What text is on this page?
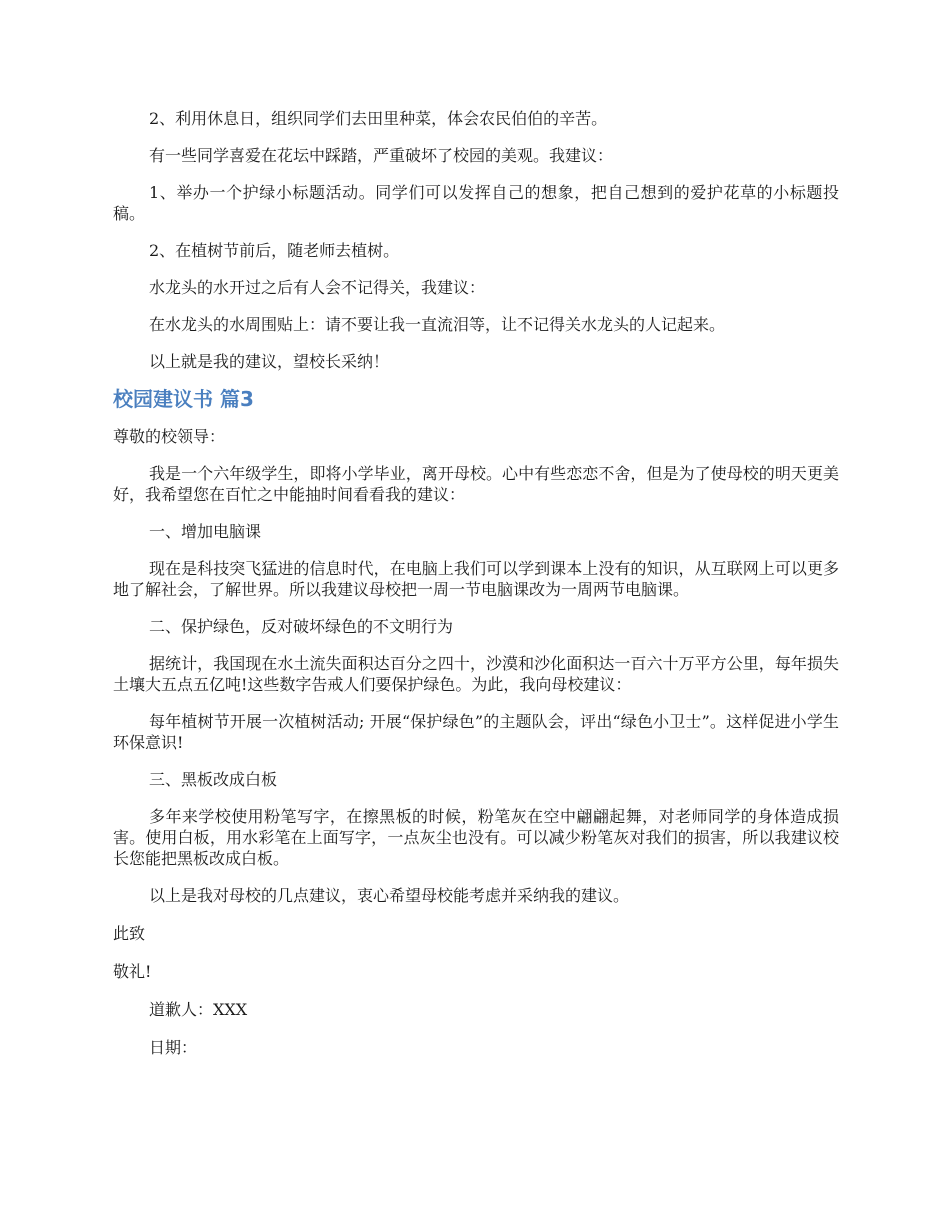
2、利用休息日，组织同学们去田里种菜，体会农民伯伯的辛苦。

有一些同学喜爱在花坛中踩踏，严重破坏了校园的美观。我建议：

1、举办一个护绿小标题活动。同学们可以发挥自己的想象，把自己想到的爱护花草的小标题投稿。

2、在植树节前后，随老师去植树。

水龙头的水开过之后有人会不记得关，我建议：

在水龙头的水周围贴上：请不要让我一直流泪等，让不记得关水龙头的人记起来。

以上就是我的建议，望校长采纳！

校园建议书 篇3

尊敬的校领导：

我是一个六年级学生，即将小学毕业，离开母校。心中有些恋恋不舍，但是为了使母校的明天更美好，我希望您在百忙之中能抽时间看看我的建议：

一、增加电脑课

现在是科技突飞猛进的信息时代，在电脑上我们可以学到课本上没有的知识，从互联网上可以更多地了解社会，了解世界。所以我建议母校把一周一节电脑课改为一周两节电脑课。

二、保护绿色，反对破坏绿色的不文明行为

据统计，我国现在水土流失面积达百分之四十，沙漠和沙化面积达一百六十万平方公里，每年损失土壤大五点五亿吨!这些数字告戒人们要保护绿色。为此，我向母校建议：

每年植树节开展一次植树活动; 开展“保护绿色”的主题队会，评出“绿色小卫士”。这样促进小学生环保意识!

三、黑板改成白板

多年来学校使用粉笔写字，在擦黑板的时候，粉笔灰在空中翩翩起舞，对老师同学的身体造成损害。使用白板，用水彩笔在上面写字，一点灰尘也没有。可以减少粉笔灰对我们的损害，所以我建议校长您能把黑板改成白板。

以上是我对母校的几点建议，衷心希望母校能考虑并采纳我的建议。

此致

敬礼!

道歉人：XXX

日期：
